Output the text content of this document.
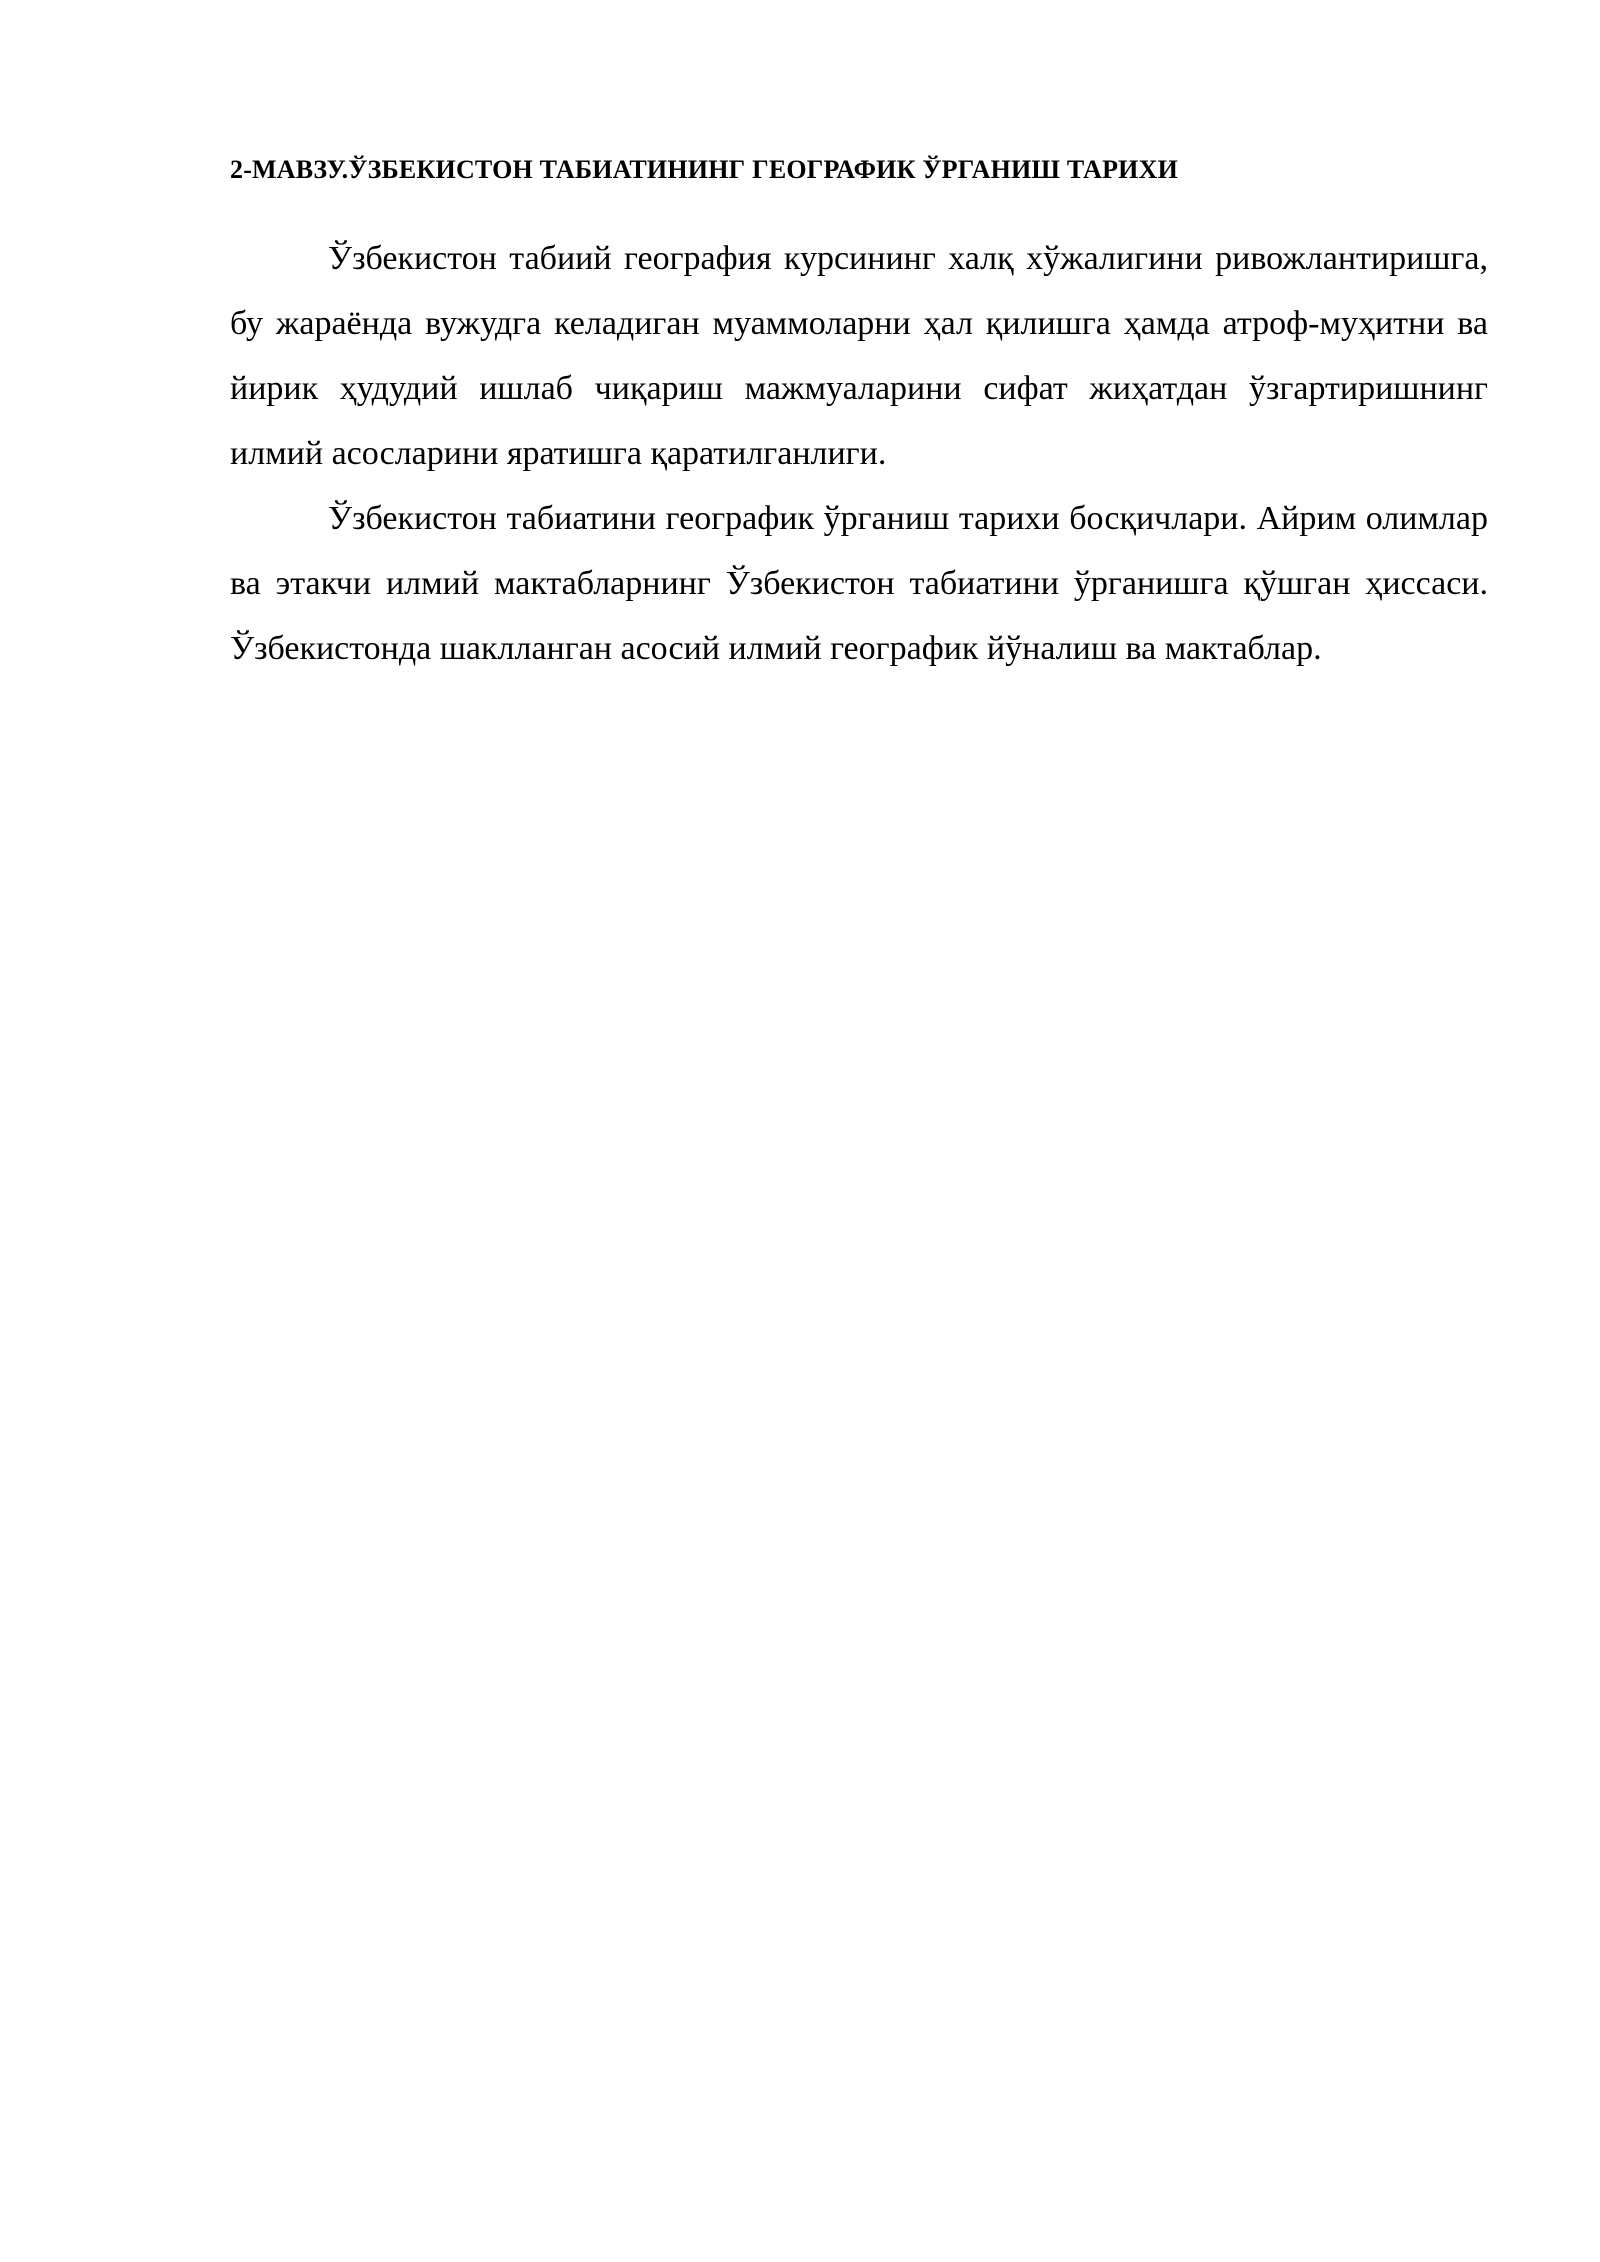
2-МАВЗУ.ЎЗБЕКИСТОН ТАБИАТИНИНГ ГЕОГРАФИК ЎРГАНИШ ТАРИХИ

Ўзбекистон табиий география курсининг халқ хўжалигини ривожлантиришга, бу жараёнда вужудга келадиган муаммоларни ҳал қилишга ҳамда атроф-муҳитни ва йирик ҳудудий ишлаб чиқариш мажмуаларини сифат жиҳатдан ўзгартиришнинг илмий асосларини яратишга қаратилганлиги.

Ўзбекистон табиатини географик ўрганиш тарихи босқичлари. Айрим олимлар ва этакчи илмий мактабларнинг Ўзбекистон табиатини ўрганишга қўшган ҳиссаси. Ўзбекистонда шаклланган асосий илмий географик йўналиш ва мактаблар.
